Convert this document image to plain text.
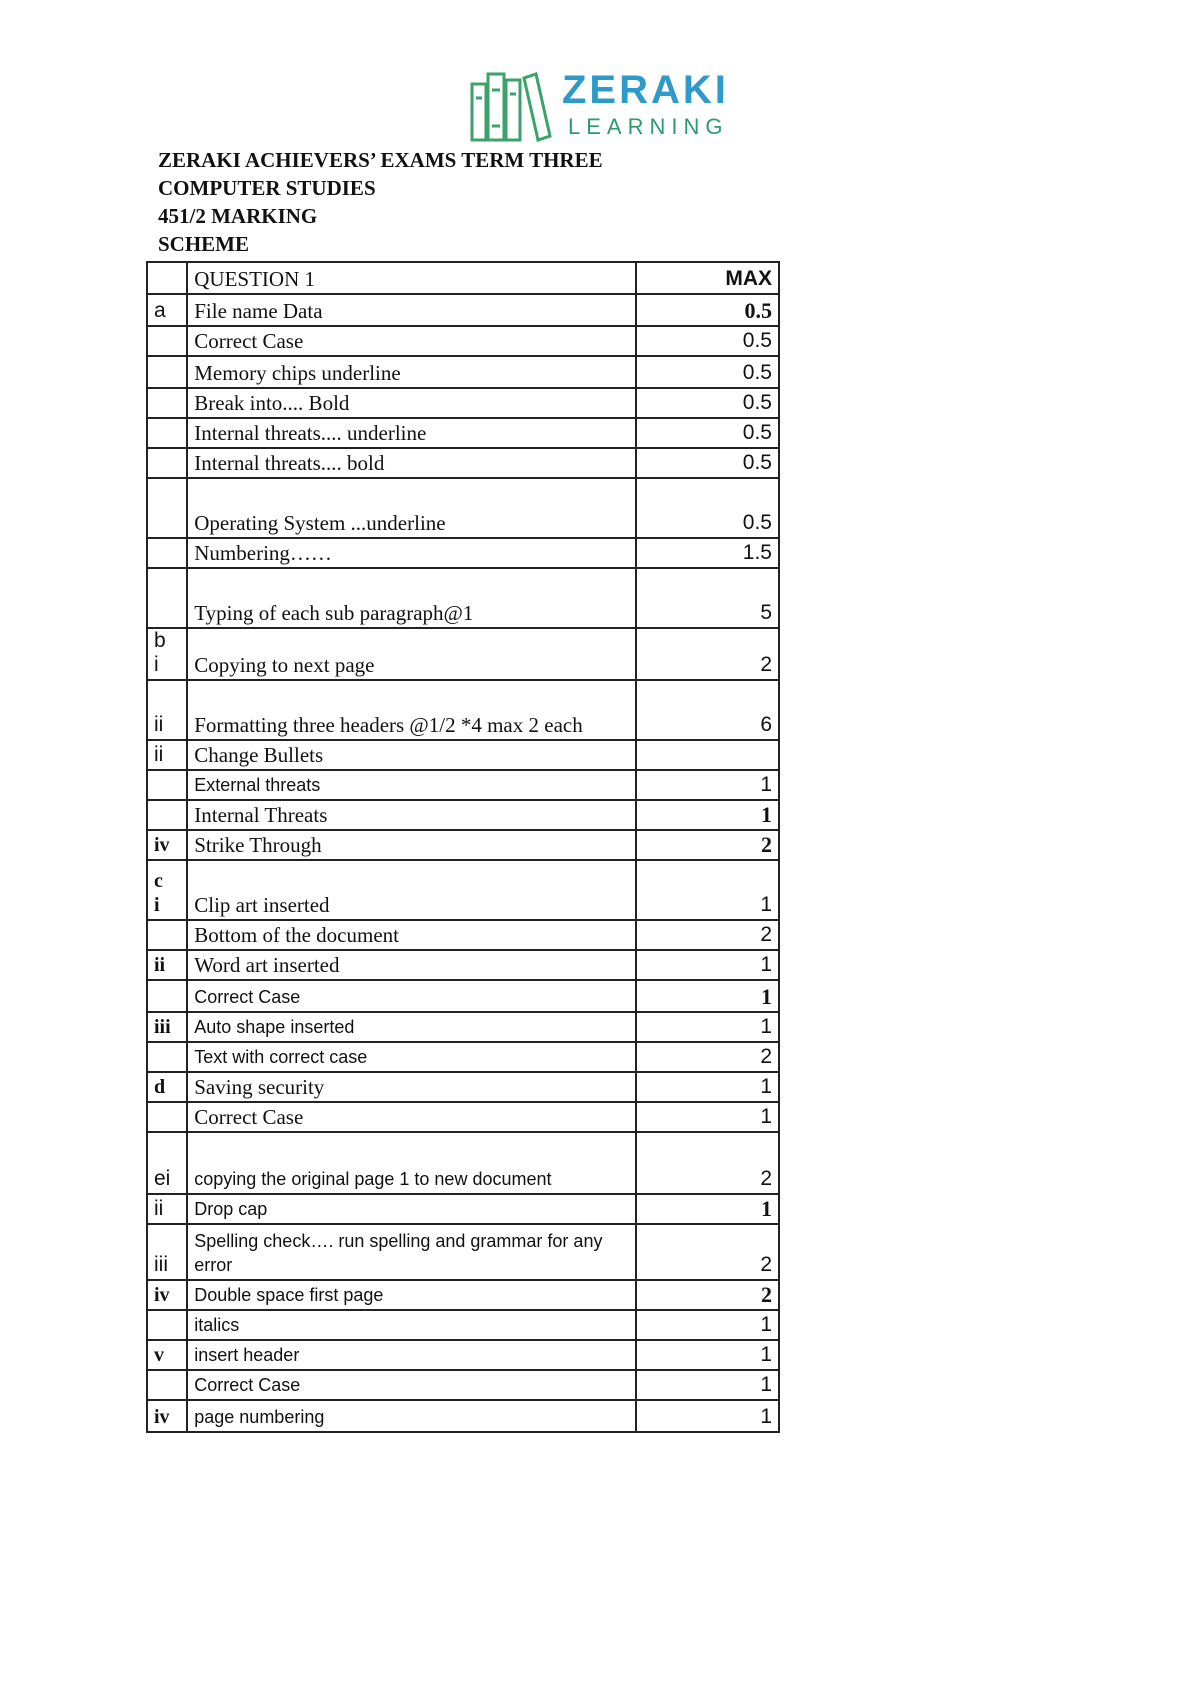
ZERAKI
LEARNING
ZERAKI ACHIEVERS’ EXAMS TERM THREE
COMPUTER STUDIES
451/2 MARKING
SCHEME
	QUESTION 1	MAX

a	File name Data	0.5

	Correct Case	0.5

	Memory chips underline	0.5

	Break into.... Bold	0.5

	Internal threats.... underline	0.5

	Internal threats.... bold	0.5

	Operating System ...underline	0.5

	Numbering……	1.5

	Typing of each sub paragraph@1	5

b
i	Copying to next page	2

ii	Formatting three headers @1/2 *4 max 2 each	6

ii	Change Bullets	

	External threats	1

	Internal Threats	1

iv	Strike Through	2

c
i	Clip art inserted	1

	Bottom of the document	2

ii	Word art inserted	1

	Correct Case	1

iii	Auto shape inserted	1

	Text with correct case	2

d	Saving security	1

	Correct Case	1

ei	copying the original page 1 to new document	2

ii	Drop cap	1

iii	Spelling check…. run spelling and grammar for any error	2

iv	Double space first page	2

	italics	1

v	insert header	1

	Correct Case	1

iv	page numbering	1
